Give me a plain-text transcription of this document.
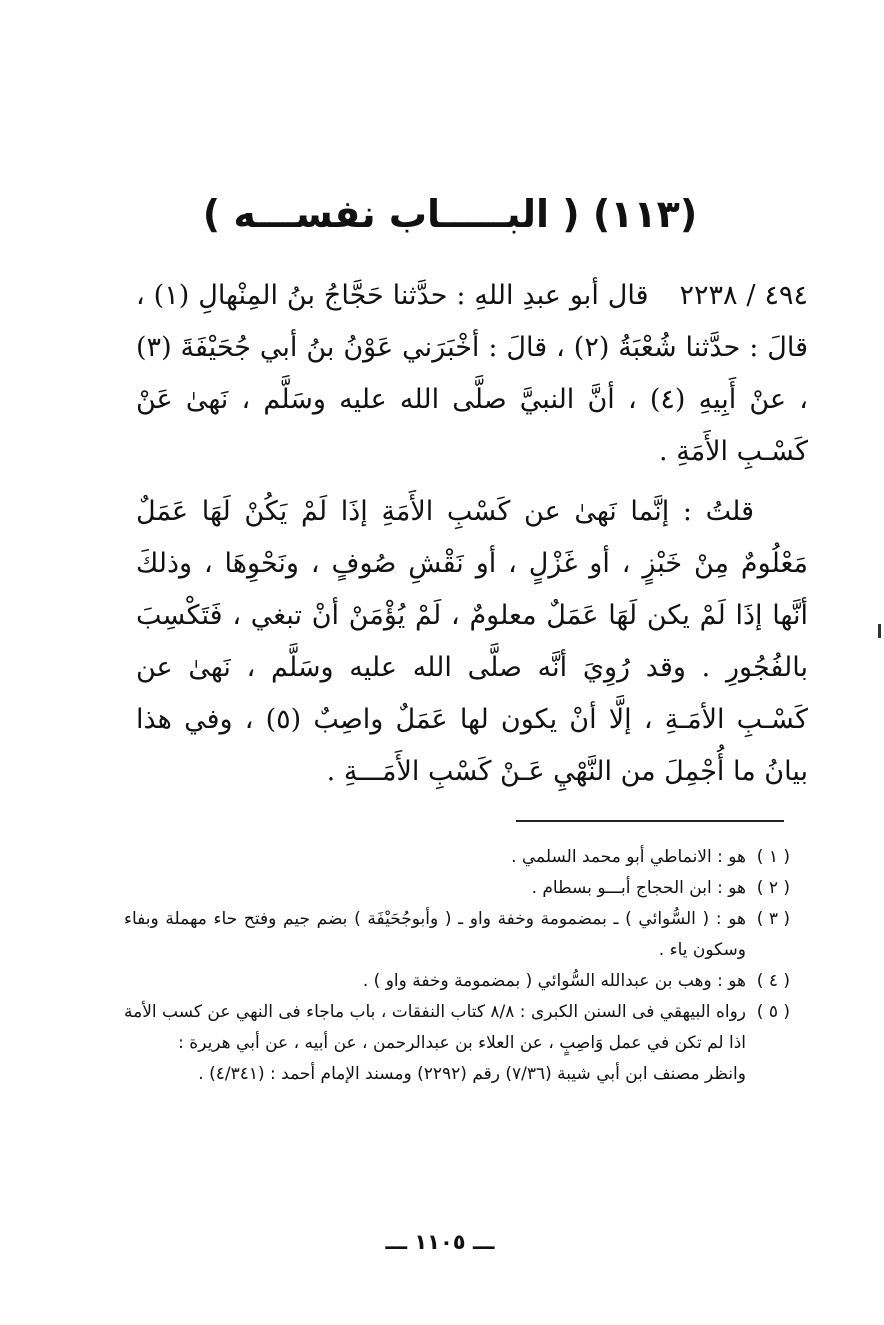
(١١٣) ( البـــــاب نفســـه )

٤٩٤ / ٢٢٣٨ قال أبو عبدِ اللهِ : حدَّثنا حَجَّاجُ بنُ المِنْهالِ (١) ، قالَ : حدَّثنا شُعْبَةُ (٢) ، قالَ : أخْبَرَني عَوْنُ بنُ أبي جُحَيْفَةَ (٣) ، عنْ أَبِيهِ (٤) ، أنَّ النبيَّ صلَّى الله عليه وسَلَّم ، نَهىٰ عَنْ كَسْـبِ الأَمَةِ .

قلتُ : إنَّما نَهىٰ عن كَسْبِ الأَمَةِ إذَا لَمْ يَكُنْ لَهَا عَمَلٌ مَعْلُومٌ مِنْ خَبْزٍ ، أو غَزْلٍ ، أو نَقْشِ صُوفٍ ، ونَحْوِهَا ، وذلكَ أنَّها إذَا لَمْ يكن لَهَا عَمَلٌ معلومٌ ، لَمْ يُؤْمَنْ أنْ تبغي ، فَتَكْسِبَ بالفُجُورِ . وقد رُوِيَ أنَّه صلَّى الله عليه وسَلَّم ، نَهىٰ عن كَسْـبِ الأمَـةِ ، إلَّا أنْ يكون لها عَمَلٌ واصِبٌ (٥) ، وفي هذا بيانُ ما أُجْمِلَ من النَّهْيِ عَـنْ كَسْبِ الأَمَـــةِ .

( ١ )
هو : الانماطي أبو محمد السلمي .
( ٢ )
هو : ابن الحجاج أبـــو بسطام .
( ٣ )
هو : ( السُّوائي ) ـ بمضمومة وخفة واو ـ ( وأبوجُحَيْفَة ) بضم جيم وفتح حاء مهملة وبفاء وسكون ياء .
( ٤ )
هو : وهب بن عبدالله السُّوائي ( بمضمومة وخفة واو ) .
( ٥ )
رواه البيهقي فى السنن الكبرى : ٨/٨ كتاب النفقات ، باب ماجاء فى النهي عن كسب الأمة اذا لم تكن في عمل وَاصِبٍ ، عن العلاء بن عبدالرحمن ، عن أبيه ، عن أبي هريرة :
وانظر مصنف ابن أبي شيبة (٧/٣٦) رقم (٢٢٩٢) ومسند الإمام أحمد : (٤/٣٤١) .
ـــ ١١٠٥ ـــ
